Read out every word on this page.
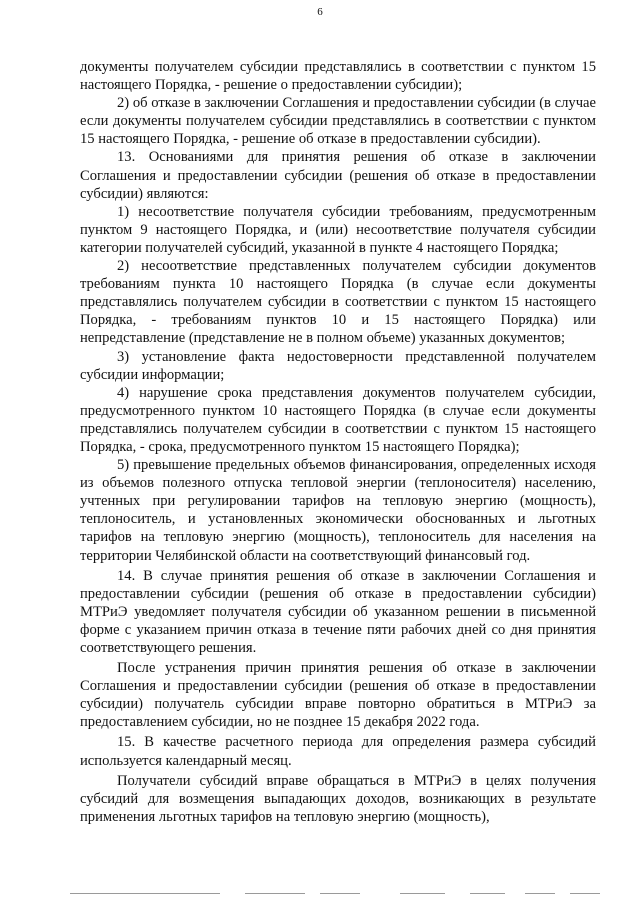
6

документы получателем субсидии представлялись в соответствии с пунктом 15 настоящего Порядка, - решение о предоставлении субсидии);

2) об отказе в заключении Соглашения и предоставлении субсидии (в случае если документы получателем субсидии представлялись в соответствии с пунктом 15 настоящего Порядка, - решение об отказе в предоставлении субсидии).

13. Основаниями для принятия решения об отказе в заключении Соглашения и предоставлении субсидии (решения об отказе в предоставлении субсидии) являются:

1) несоответствие получателя субсидии требованиям, предусмотренным пунктом 9 настоящего Порядка, и (или) несоответствие получателя субсидии категории получателей субсидий, указанной в пункте 4 настоящего Порядка;

2) несоответствие представленных получателем субсидии документов требованиям пункта 10 настоящего Порядка (в случае если документы представлялись получателем субсидии в соответствии с пунктом 15 настоящего Порядка, - требованиям пунктов 10 и 15 настоящего Порядка) или непредставление (представление не в полном объеме) указанных документов;

3) установление факта недостоверности представленной получателем субсидии информации;

4) нарушение срока представления документов получателем субсидии, предусмотренного пунктом 10 настоящего Порядка (в случае если документы представлялись получателем субсидии в соответствии с пунктом 15 настоящего Порядка, - срока, предусмотренного пунктом 15 настоящего Порядка);

5) превышение предельных объемов финансирования, определенных исходя из объемов полезного отпуска тепловой энергии (теплоносителя) населению, учтенных при регулировании тарифов на тепловую энергию (мощность), теплоноситель, и установленных экономически обоснованных и льготных тарифов на тепловую энергию (мощность), теплоноситель для населения на территории Челябинской области на соответствующий финансовый год.

14. В случае принятия решения об отказе в заключении Соглашения и предоставлении субсидии (решения об отказе в предоставлении субсидии) МТРиЭ уведомляет получателя субсидии об указанном решении в письменной форме с указанием причин отказа в течение пяти рабочих дней со дня принятия соответствующего решения.

После устранения причин принятия решения об отказе в заключении Соглашения и предоставлении субсидии (решения об отказе в предоставлении субсидии) получатель субсидии вправе повторно обратиться в МТРиЭ за предоставлением субсидии, но не позднее 15 декабря 2022 года.

15. В качестве расчетного периода для определения размера субсидий используется календарный месяц.

Получатели субсидий вправе обращаться в МТРиЭ в целях получения субсидий для возмещения выпадающих доходов, возникающих в результате применения льготных тарифов на тепловую энергию (мощность),
